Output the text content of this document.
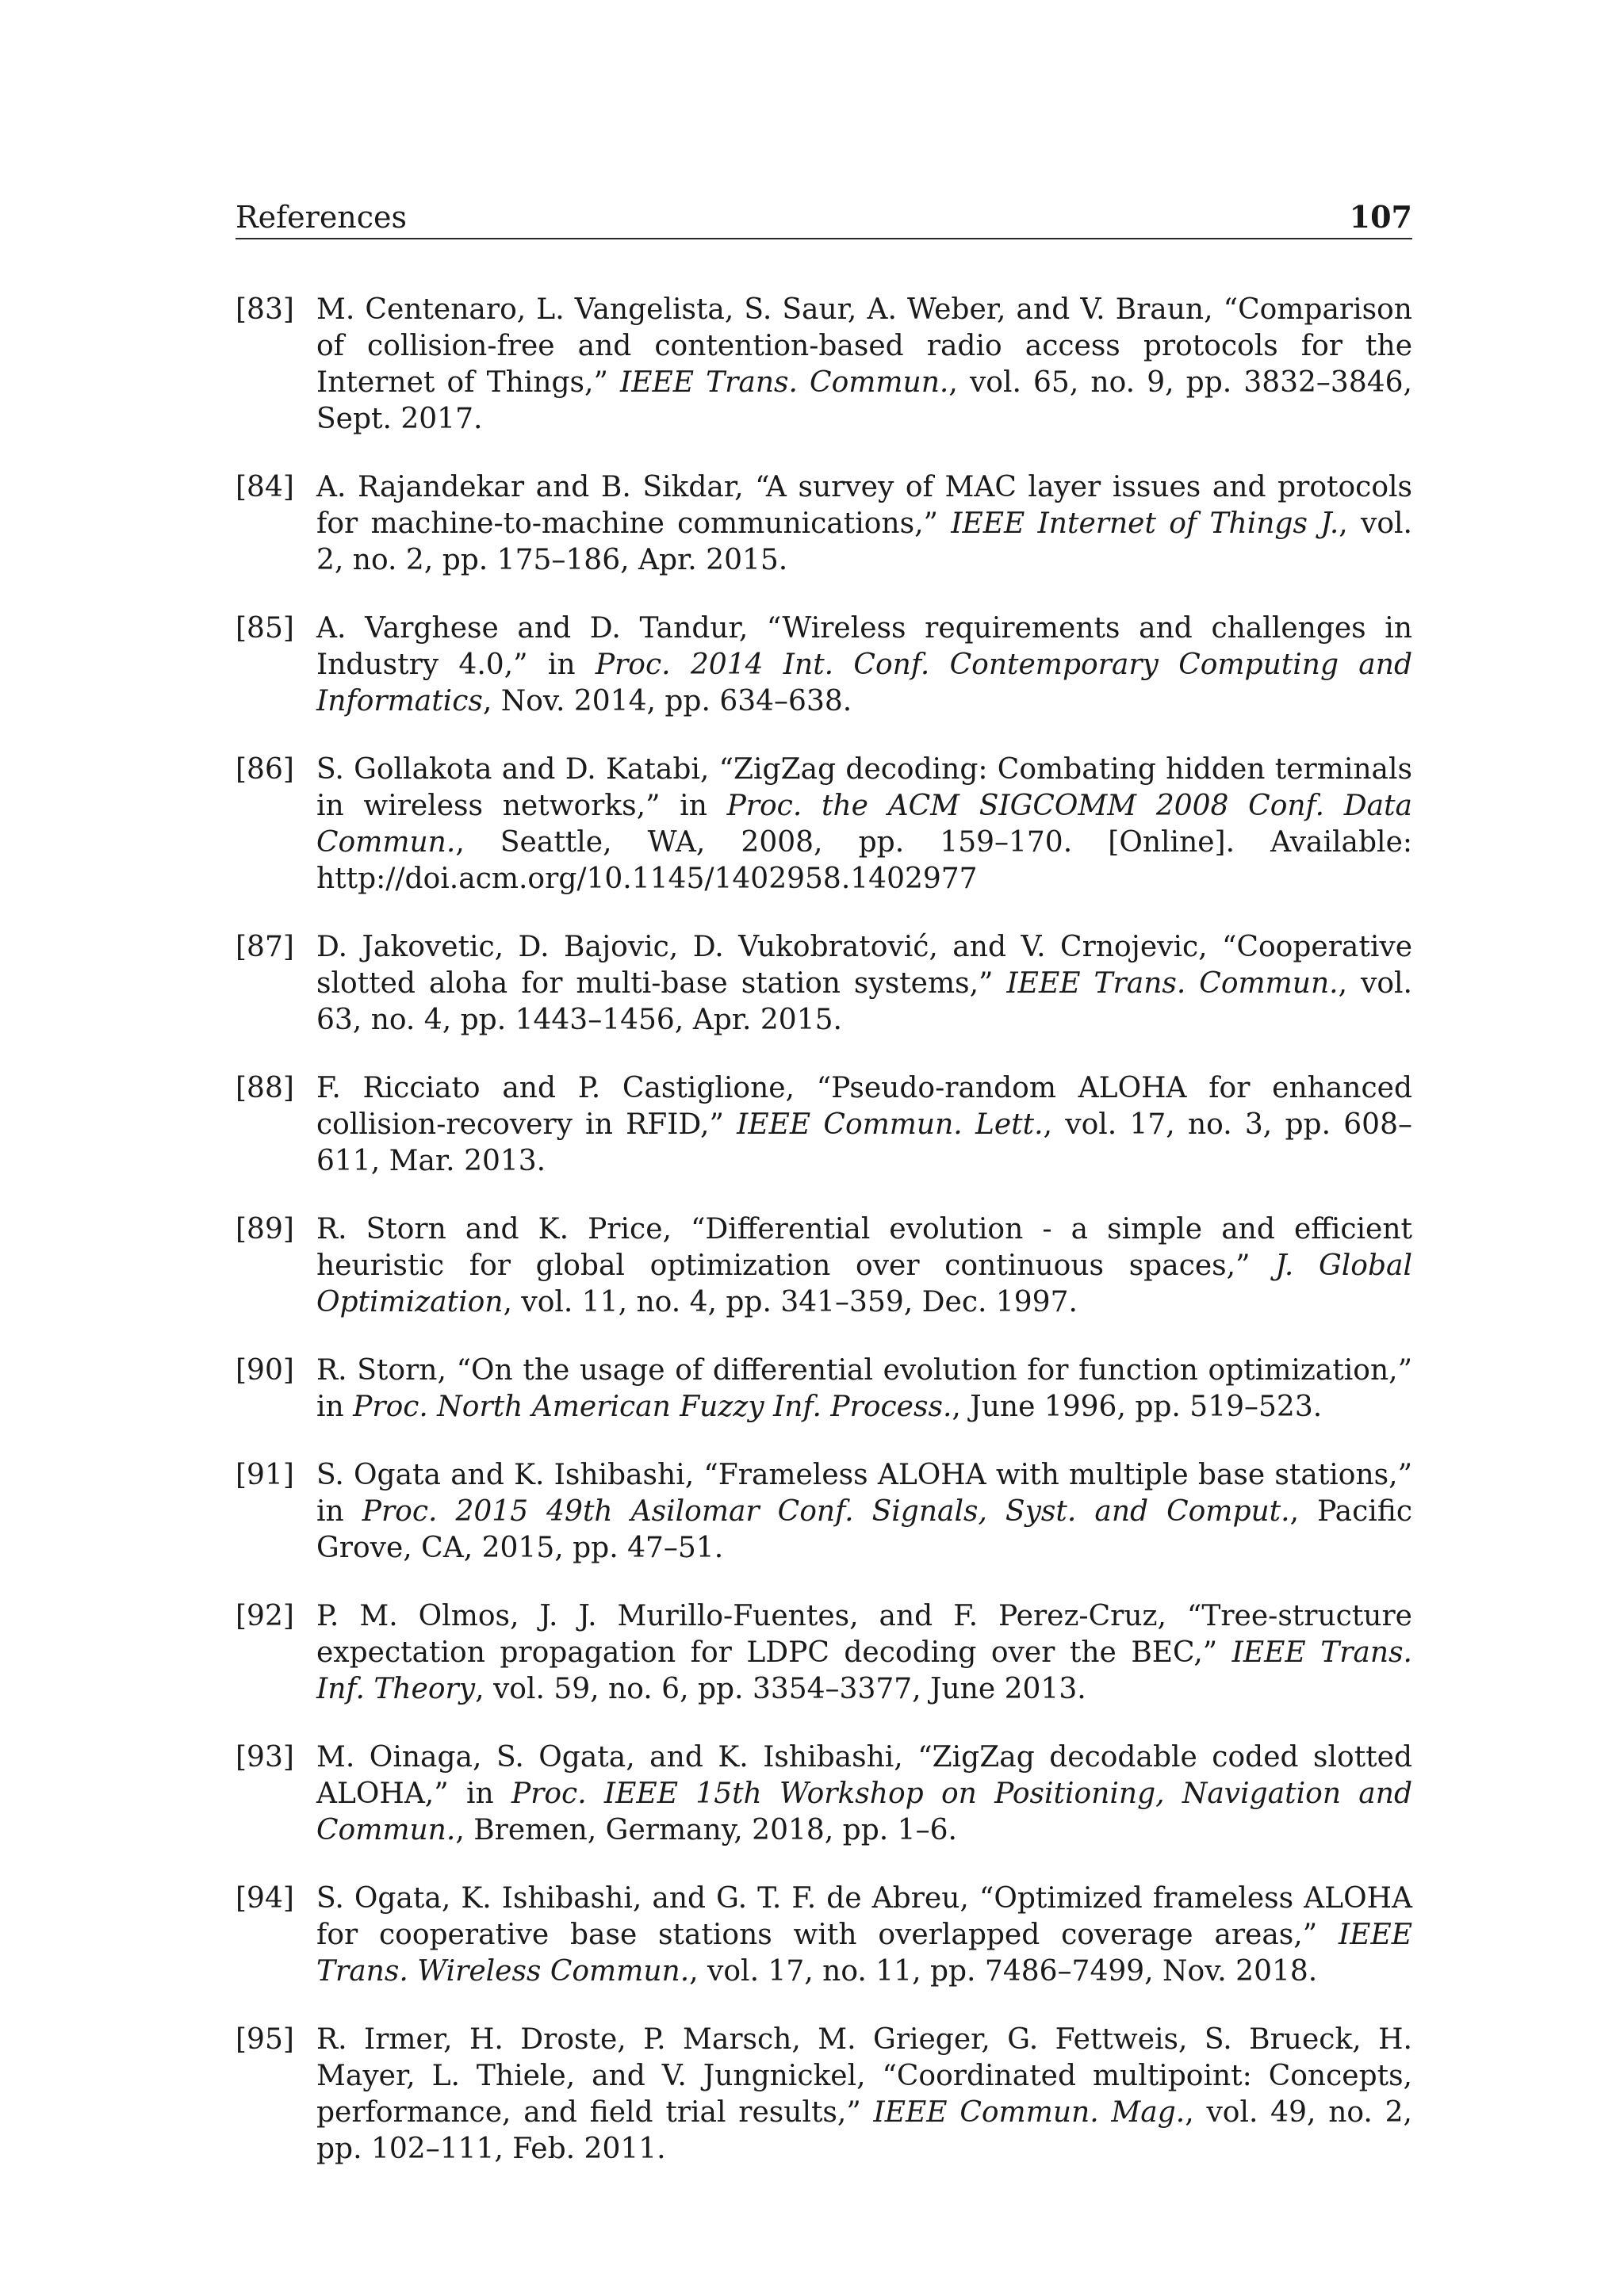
References	107
[83] M. Centenaro, L. Vangelista, S. Saur, A. Weber, and V. Braun, “Comparison of collision-free and contention-based radio access protocols for the Internet of Things,” IEEE Trans. Commun., vol. 65, no. 9, pp. 3832–3846, Sept. 2017.
[84] A. Rajandekar and B. Sikdar, “A survey of MAC layer issues and protocols for machine-to-machine communications,” IEEE Internet of Things J., vol. 2, no. 2, pp. 175–186, Apr. 2015.
[85] A. Varghese and D. Tandur, “Wireless requirements and challenges in Industry 4.0,” in Proc. 2014 Int. Conf. Contemporary Computing and Informatics, Nov. 2014, pp. 634–638.
[86] S. Gollakota and D. Katabi, “ZigZag decoding: Combating hidden terminals in wireless networks,” in Proc. the ACM SIGCOMM 2008 Conf. Data Commun., Seattle, WA, 2008, pp. 159–170. [Online]. Available: http://doi.acm.org/10.1145/1402958.1402977
[87] D. Jakovetic, D. Bajovic, D. Vukobratović, and V. Crnojevic, “Cooperative slotted aloha for multi-base station systems,” IEEE Trans. Commun., vol. 63, no. 4, pp. 1443–1456, Apr. 2015.
[88] F. Ricciato and P. Castiglione, “Pseudo-random ALOHA for enhanced collision-recovery in RFID,” IEEE Commun. Lett., vol. 17, no. 3, pp. 608–611, Mar. 2013.
[89] R. Storn and K. Price, “Differential evolution - a simple and efficient heuristic for global optimization over continuous spaces,” J. Global Optimization, vol. 11, no. 4, pp. 341–359, Dec. 1997.
[90] R. Storn, “On the usage of differential evolution for function optimization,” in Proc. North American Fuzzy Inf. Process., June 1996, pp. 519–523.
[91] S. Ogata and K. Ishibashi, “Frameless ALOHA with multiple base stations,” in Proc. 2015 49th Asilomar Conf. Signals, Syst. and Comput., Pacific Grove, CA, 2015, pp. 47–51.
[92] P. M. Olmos, J. J. Murillo-Fuentes, and F. Perez-Cruz, “Tree-structure expectation propagation for LDPC decoding over the BEC,” IEEE Trans. Inf. Theory, vol. 59, no. 6, pp. 3354–3377, June 2013.
[93] M. Oinaga, S. Ogata, and K. Ishibashi, “ZigZag decodable coded slotted ALOHA,” in Proc. IEEE 15th Workshop on Positioning, Navigation and Commun., Bremen, Germany, 2018, pp. 1–6.
[94] S. Ogata, K. Ishibashi, and G. T. F. de Abreu, “Optimized frameless ALOHA for cooperative base stations with overlapped coverage areas,” IEEE Trans. Wireless Commun., vol. 17, no. 11, pp. 7486–7499, Nov. 2018.
[95] R. Irmer, H. Droste, P. Marsch, M. Grieger, G. Fettweis, S. Brueck, H. Mayer, L. Thiele, and V. Jungnickel, “Coordinated multipoint: Concepts, performance, and field trial results,” IEEE Commun. Mag., vol. 49, no. 2, pp. 102–111, Feb. 2011.
